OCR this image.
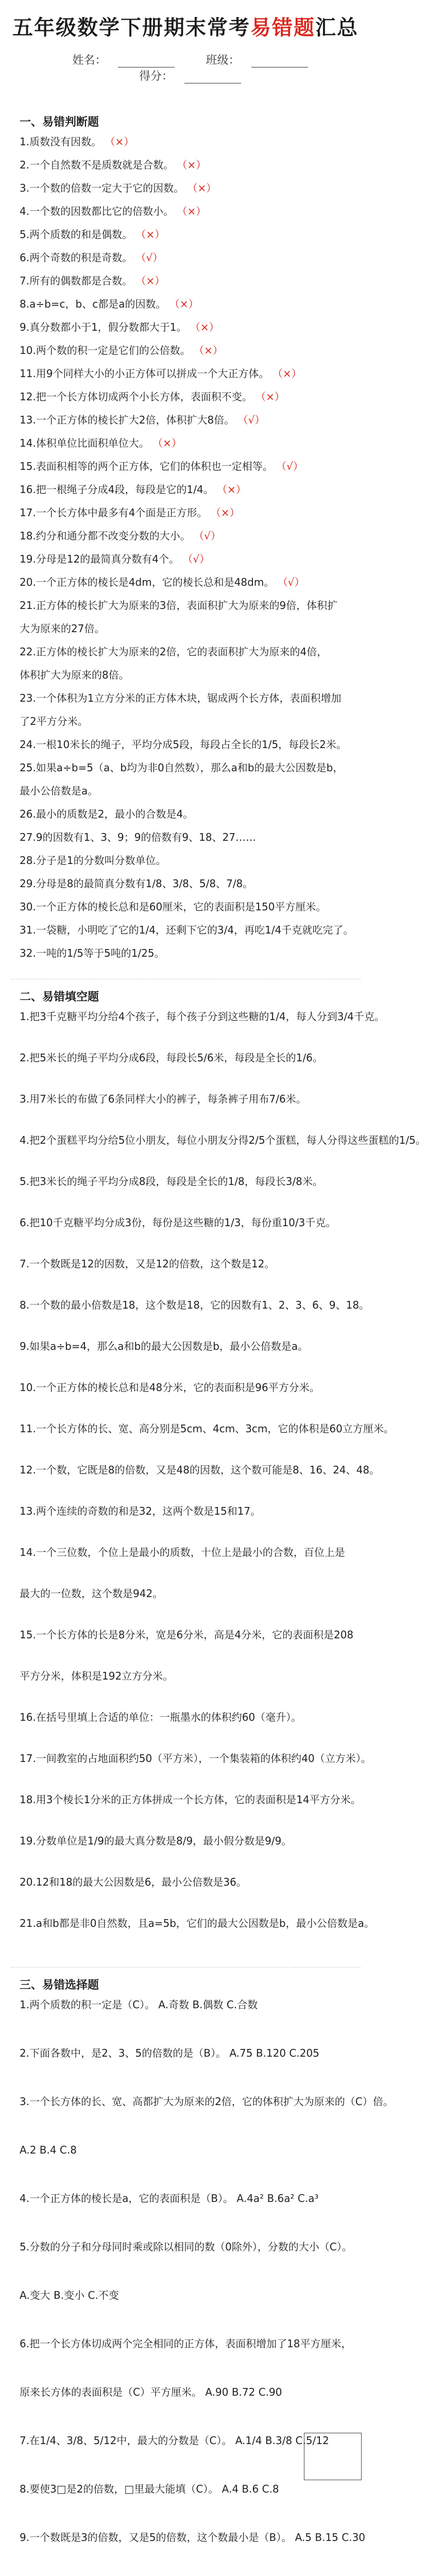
五年级数学下册期末常考易错题汇总
姓名：	班级： 得分：
一、易错判断题
1.质数没有因数。 （×）
2.一个自然数不是质数就是合数。 （×）
3.一个数的倍数一定大于它的因数。 （×）
4.一个数的因数都比它的倍数小。 （×）
5.两个质数的和是偶数。 （×）
6.两个奇数的积是奇数。 （√）
7.所有的偶数都是合数。 （×）
8.a÷b=c，b、c都是a的因数。 （×）
9.真分数都小于1，假分数都大于1。 （×）
10.两个数的积一定是它们的公倍数。 （×）
11.用9个同样大小的小正方体可以拼成一个大正方体。 （×）
12.把一个长方体切成两个小长方体，表面积不变。 （×）
13.一个正方体的棱长扩大2倍，体积扩大8倍。 （√）
14.体积单位比面积单位大。 （×）
15.表面积相等的两个正方体，它们的体积也一定相等。 （√）
16.把一根绳子分成4段，每段是它的1/4。 （×）
17.一个长方体中最多有4个面是正方形。 （×）
18.约分和通分都不改变分数的大小。 （√）
19.分母是12的最简真分数有4个。 （√）
20.一个正方体的棱长是4dm，它的棱长总和是48dm。 （√）
21.正方体的棱长扩大为原来的3倍，表面积扩大为原来的9倍，体积扩
大为原来的27倍。
22.正方体的棱长扩大为原来的2倍，它的表面积扩大为原来的4倍，
体积扩大为原来的8倍。
23.一个体积为1立方分米的正方体木块，锯成两个长方体，表面积增加
了2平方分米。
24.一根10米长的绳子，平均分成5段，每段占全长的1/5，每段长2米。
25.如果a÷b=5（a、b均为非0自然数），那么a和b的最大公因数是b，
最小公倍数是a。
26.最小的质数是2，最小的合数是4。
27.9的因数有1、3、9；9的倍数有9、18、27……
28.分子是1的分数叫分数单位。
29.分母是8的最简真分数有1/8、3/8、5/8、7/8。
30.一个正方体的棱长总和是60厘米，它的表面积是150平方厘米。
31.一袋糖，小明吃了它的1/4，还剩下它的3/4，再吃1/4千克就吃完了。
32.一吨的1/5等于5吨的1/25。
二、易错填空题
1.把3千克糖平均分给4个孩子，每个孩子分到这些糖的1/4，每人分到3/4千克。
2.把5米长的绳子平均分成6段，每段长5/6米，每段是全长的1/6。
3.用7米长的布做了6条同样大小的裤子，每条裤子用布7/6米。
4.把2个蛋糕平均分给5位小朋友，每位小朋友分得2/5个蛋糕，每人分得这些蛋糕的1/5。
5.把3米长的绳子平均分成8段，每段是全长的1/8，每段长3/8米。
6.把10千克糖平均分成3份，每份是这些糖的1/3，每份重10/3千克。
7.一个数既是12的因数，又是12的倍数，这个数是12。
8.一个数的最小倍数是18，这个数是18，它的因数有1、2、3、6、9、18。
9.如果a÷b=4，那么a和b的最大公因数是b，最小公倍数是a。
10.一个正方体的棱长总和是48分米，它的表面积是96平方分米。
11.一个长方体的长、宽、高分别是5cm、4cm、3cm，它的体积是60立方厘米。
12.一个数，它既是8的倍数，又是48的因数，这个数可能是8、16、24、48。
13.两个连续的奇数的和是32，这两个数是15和17。
14.一个三位数，个位上是最小的质数，十位上是最小的合数，百位上是
最大的一位数，这个数是942。
15.一个长方体的长是8分米，宽是6分米，高是4分米，它的表面积是208
平方分米，体积是192立方分米。
16.在括号里填上合适的单位：一瓶墨水的体积约60（毫升）。
17.一间教室的占地面积约50（平方米），一个集装箱的体积约40（立方米）。
18.用3个棱长1分米的正方体拼成一个长方体，它的表面积是14平方分米。
19.分数单位是1/9的最大真分数是8/9，最小假分数是9/9。
20.12和18的最大公因数是6，最小公倍数是36。
21.a和b都是非0自然数，且a=5b，它们的最大公因数是b，最小公倍数是a。
三、易错选择题
1.两个质数的积一定是（C）。 A.奇数 B.偶数 C.合数
2.下面各数中，是2、3、5的倍数的是（B）。 A.75 B.120 C.205
3.一个长方体的长、宽、高都扩大为原来的2倍，它的体积扩大为原来的（C）倍。
A.2 B.4 C.8
4.一个正方体的棱长是a，它的表面积是（B）。 A.4a² B.6a² C.a³
5.分数的分子和分母同时乘或除以相同的数（0除外），分数的大小（C）。
A.变大 B.变小 C.不变
6.把一个长方体切成两个完全相同的正方体，表面积增加了18平方厘米，
原来长方体的表面积是（C）平方厘米。 A.90 B.72 C.90
7.在1/4、3/8、5/12中，最大的分数是（C）。 A.1/4 B.3/8 C.5/12
8.要使3□是2的倍数，□里最大能填（C）。 A.4 B.6 C.8
9.一个数既是3的倍数，又是5的倍数，这个数最小是（B）。 A.5 B.15 C.30
